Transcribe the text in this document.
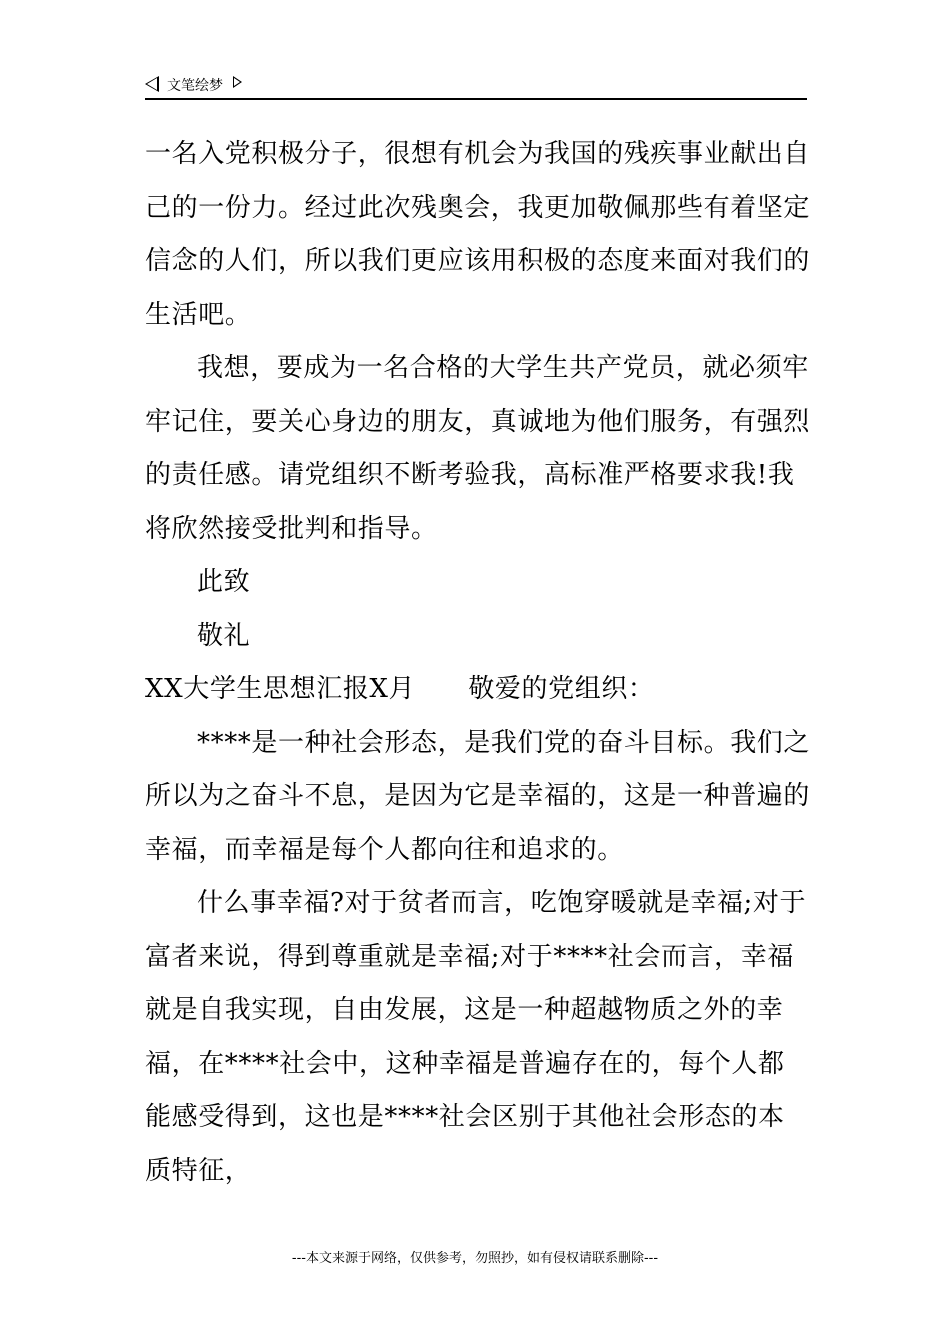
文笔绘梦

一名入党积极分子，很想有机会为我国的残疾事业献出自己的一份力。经过此次残奥会，我更加敬佩那些有着坚定信念的人们，所以我们更应该用积极的态度来面对我们的生活吧。

我想，要成为一名合格的大学生共产党员，就必须牢牢记住，要关心身边的朋友，真诚地为他们服务，有强烈的责任感。请党组织不断考验我，高标准严格要求我!我将欣然接受批判和指导。

此致

敬礼

XX大学生思想汇报X月　　敬爱的党组织：

****是一种社会形态，是我们党的奋斗目标。我们之所以为之奋斗不息，是因为它是幸福的，这是一种普遍的幸福，而幸福是每个人都向往和追求的。

什么事幸福?对于贫者而言，吃饱穿暖就是幸福;对于富者来说，得到尊重就是幸福;对于****社会而言，幸福就是自我实现，自由发展，这是一种超越物质之外的幸福，在****社会中，这种幸福是普遍存在的，每个人都能感受得到，这也是****社会区别于其他社会形态的本质特征，

---本文来源于网络，仅供参考，勿照抄，如有侵权请联系删除---
